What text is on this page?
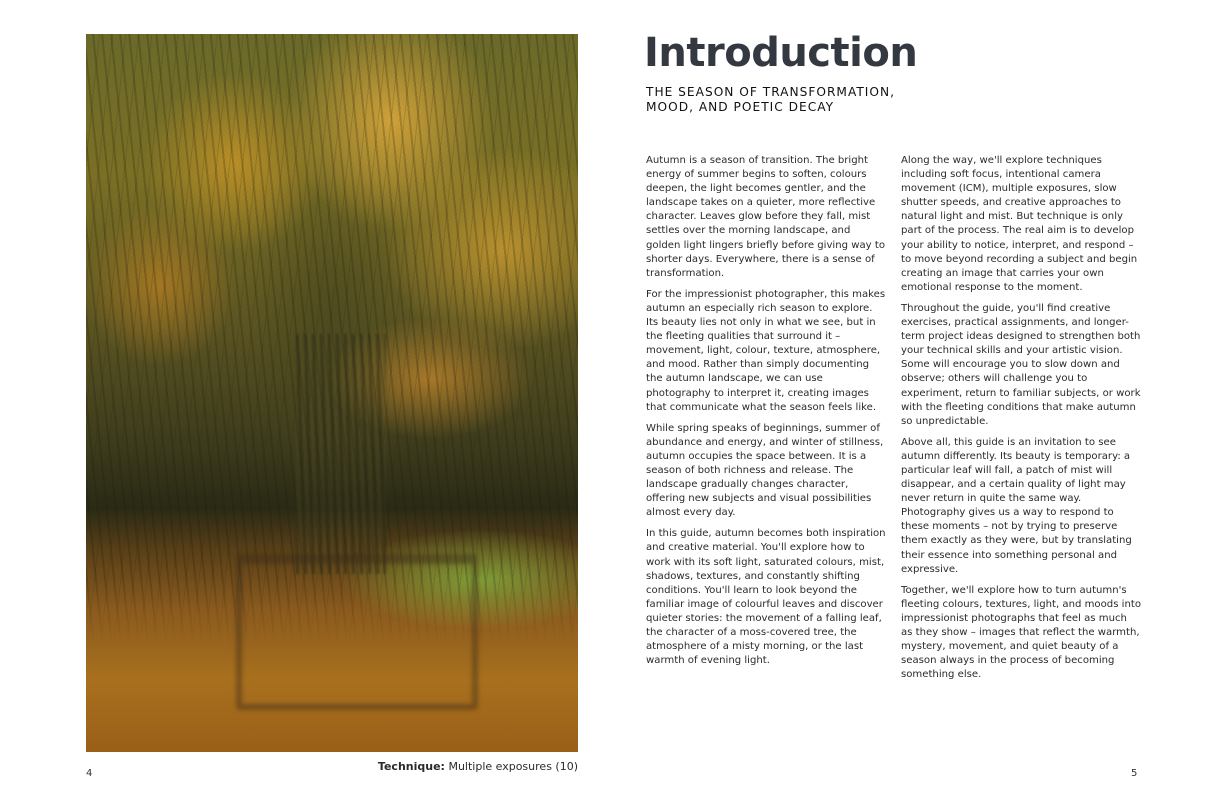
Technique: Multiple exposures (10)
4
Introduction
THE SEASON OF TRANSFORMATION, MOOD, AND POETIC DECAY

Autumn is a season of transition. The bright energy of summer begins to soften, colours deepen, the light becomes gentler, and the landscape takes on a quieter, more reflective character. Leaves glow before they fall, mist settles over the morning landscape, and golden light lingers briefly before giving way to shorter days. Everywhere, there is a sense of transformation.

For the impressionist photographer, this makes autumn an especially rich season to explore. Its beauty lies not only in what we see, but in the fleeting qualities that surround it – movement, light, colour, texture, atmosphere, and mood. Rather than simply documenting the autumn landscape, we can use photography to interpret it, creating images that communicate what the season feels like.

While spring speaks of beginnings, summer of abundance and energy, and winter of stillness, autumn occupies the space between. It is a season of both richness and release. The landscape gradually changes character, offering new subjects and visual possibilities almost every day.

In this guide, autumn becomes both inspiration and creative material. You'll explore how to work with its soft light, saturated colours, mist, shadows, textures, and constantly shifting conditions. You'll learn to look beyond the familiar image of colourful leaves and discover quieter stories: the movement of a falling leaf, the character of a moss-covered tree, the atmosphere of a misty morning, or the last warmth of evening light.

Along the way, we'll explore techniques including soft focus, intentional camera movement (ICM), multiple exposures, slow shutter speeds, and creative approaches to natural light and mist. But technique is only part of the process. The real aim is to develop your ability to notice, interpret, and respond – to move beyond recording a subject and begin creating an image that carries your own emotional response to the moment.

Throughout the guide, you'll find creative exercises, practical assignments, and longer-term project ideas designed to strengthen both your technical skills and your artistic vision. Some will encourage you to slow down and observe; others will challenge you to experiment, return to familiar subjects, or work with the fleeting conditions that make autumn so unpredictable.

Above all, this guide is an invitation to see autumn differently. Its beauty is temporary: a particular leaf will fall, a patch of mist will disappear, and a certain quality of light may never return in quite the same way. Photography gives us a way to respond to these moments – not by trying to preserve them exactly as they were, but by translating their essence into something personal and expressive.

Together, we'll explore how to turn autumn's fleeting colours, textures, light, and moods into impressionist photographs that feel as much as they show – images that reflect the warmth, mystery, movement, and quiet beauty of a season always in the process of becoming something else.

5
